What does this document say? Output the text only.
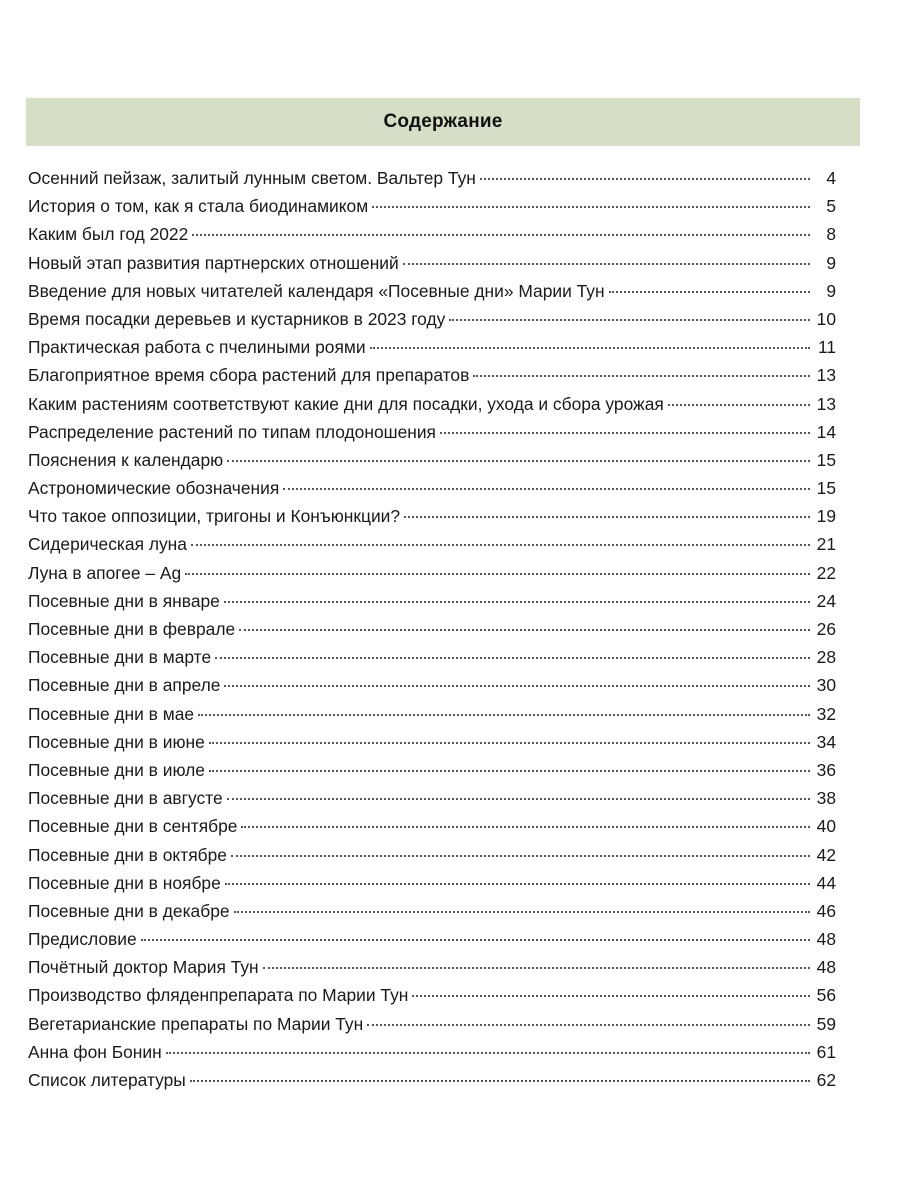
Содержание
Осенний пейзаж, залитый лунным светом. Вальтер Тун	4
История о том, как я стала биодинамиком	5
Каким был год 2022	8
Новый этап развития партнерских отношений	9
Введение для новых читателей календаря «Посевные дни» Марии Тун	9
Время посадки деревьев и кустарников в 2023 году	10
Практическая работа с пчелиными роями	11
Благоприятное время сбора растений для препаратов	13
Каким растениям соответствуют какие дни для посадки, ухода и сбора урожая	13
Распределение растений по типам плодоношения	14
Пояснения к календарю	15
Астрономические обозначения	15
Что такое оппозиции, тригоны и Конъюнкции?	19
Сидерическая луна	21
Луна в апогее – Ag	22
Посевные дни в январе	24
Посевные дни в феврале	26
Посевные дни в марте	28
Посевные дни в апреле	30
Посевные дни в мае	32
Посевные дни в июне	34
Посевные дни в июле	36
Посевные дни в августе	38
Посевные дни в сентябре	40
Посевные дни в октябре	42
Посевные дни в ноябре	44
Посевные дни в декабре	46
Предисловие	48
Почётный доктор Мария Тун	48
Производство фляденпрепарата по Марии Тун	56
Вегетарианские препараты по Марии Тун	59
Анна фон Бонин	61
Список литературы	62
